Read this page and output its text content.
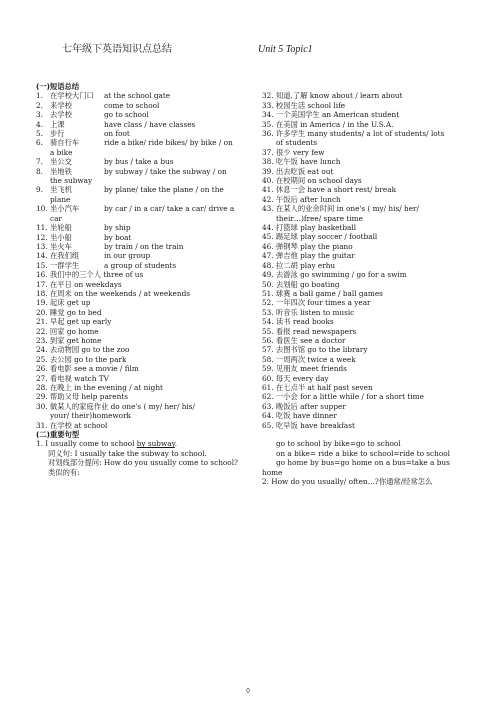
七年级下英语知识点总结	Unit 5 Topic1
(一)短语总结
1. 在学校大门口	at the school gate
2. 来学校	come to school
3. 去学校	go to school
4. 上课	have class / have classes
5. 步行	on foot
6. 骑自行车	ride a bike/ ride bikes/ by bike / on
a bike
7. 坐公交	by bus / take a bus
8. 坐地铁	by subway / take the subway / on
the subway
9. 坐飞机	by plane/ take the plane / on the
plane
10. 坐小汽车	by car / in a car/ take a car/ drive a
car
11. 坐轮船	by ship
12. 坐小船	by boat
13. 坐火车	by train / on the train
14. 在我们组	in our group
15. 一群学生	a group of students
16. 我们中的三个人 three of us
17. 在平日 on weekdays
18. 在周末 on the weekends / at weekends
19. 起床 get up
20. 睡觉 go to bed
21. 早起 get up early
22. 回家 go home
23. 到家 get home
24. 去动物园 go to the zoo
25. 去公园 go to the park
26. 看电影 see a movie / film
27. 看电视 watch TV
28. 在晚上 in the evening / at night
29. 帮助父母 help parents
30. 做某人的家庭作业 do one's ( my/ her/ his/
your/ their)homework
31. 在学校 at school
(二)重要句型
1. I usually come to school by subway.
同义句: I usually take the subway to school.
对划线部分提问: How do you usually come to school?
类似的有:
32. 知道,了解 know about / learn about
33. 校园生活 school life
34. 一个美国学生 an American student
35. 在美国 in America / in the U.S.A.
36. 许多学生 many students/ a lot of students/ lots
of students
37. 很少 very few
38. 吃午饭 have lunch
39. 出去吃饭 eat out
40. 在校期间 on school days
41. 休息一会 have a short rest/ break
42. 午饭后 after lunch
43. 在某人的业余时间 in one's ( my/ his/ her/
their…)free/ spare time
44. 打篮球 play basketball
45. 踢足球 play soccer / football
46. 弹钢琴 play the piano
47. 弹吉他 play the guitar
48. 拉二胡 play erhu
49. 去游泳 go swimming / go for a swim
50. 去划船 go boating
51. 球赛 a ball game / ball games
52. 一年四次 four times a year
53. 听音乐 listen to music
54. 读书 read books
55. 看报 read newspapers
56. 看医生 see a doctor
57. 去图书馆 go to the library
58. 一周两次 twice a week
59. 见朋友 meet friends
60. 每天 every day
61. 在七点半 at half past seven
62. 一小会 for a little while / for a short time
63. 晚饭后 after supper
64. 吃饭 have dinner
65. 吃早饭 have breakfast
go to school by bike=go to school
on a bike= ride a bike to school=ride to school
go home by bus=go home on a bus=take a bus
home
2. How do you usually/ often…?你通常/经常怎么
0
